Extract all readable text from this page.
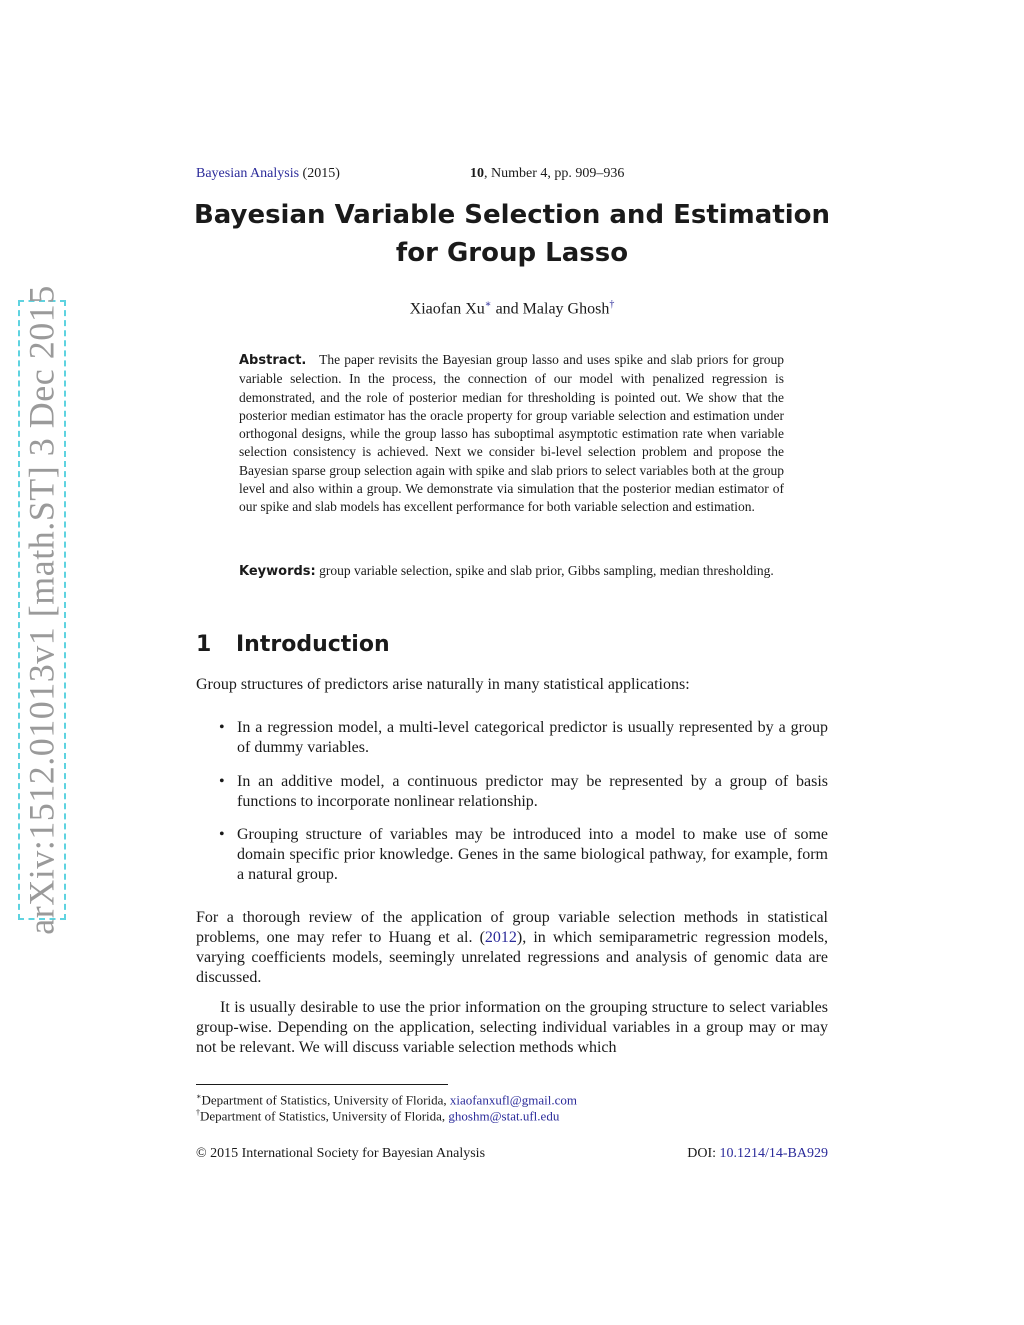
arXiv:1512.01013v1 [math.ST] 3 Dec 2015
Bayesian Analysis (2015)	10, Number 4, pp. 909–936
Bayesian Variable Selection and Estimation
for Group Lasso
Xiaofan Xu∗ and Malay Ghosh†
Abstract. The paper revisits the Bayesian group lasso and uses spike and slab priors for group variable selection. In the process, the connection of our model with penalized regression is demonstrated, and the role of posterior median for thresholding is pointed out. We show that the posterior median estimator has the oracle property for group variable selection and estimation under orthogonal designs, while the group lasso has suboptimal asymptotic estimation rate when variable selection consistency is achieved. Next we consider bi-level selection problem and propose the Bayesian sparse group selection again with spike and slab priors to select variables both at the group level and also within a group. We demonstrate via simulation that the posterior median estimator of our spike and slab models has excellent performance for both variable selection and estimation.
Keywords: group variable selection, spike and slab prior, Gibbs sampling, median thresholding.
1 Introduction
Group structures of predictors arise naturally in many statistical applications:
• In a regression model, a multi-level categorical predictor is usually represented by a group of dummy variables.
• In an additive model, a continuous predictor may be represented by a group of basis functions to incorporate nonlinear relationship.
• Grouping structure of variables may be introduced into a model to make use of some domain specific prior knowledge. Genes in the same biological pathway, for example, form a natural group.
For a thorough review of the application of group variable selection methods in statistical problems, one may refer to Huang et al. (2012), in which semiparametric regression models, varying coefficients models, seemingly unrelated regressions and analysis of genomic data are discussed.
It is usually desirable to use the prior information on the grouping structure to select variables group-wise. Depending on the application, selecting individual variables in a group may or may not be relevant. We will discuss variable selection methods which
∗Department of Statistics, University of Florida, xiaofanxufl@gmail.com
†Department of Statistics, University of Florida, ghoshm@stat.ufl.edu
© 2015 International Society for Bayesian Analysis	DOI: 10.1214/14-BA929
